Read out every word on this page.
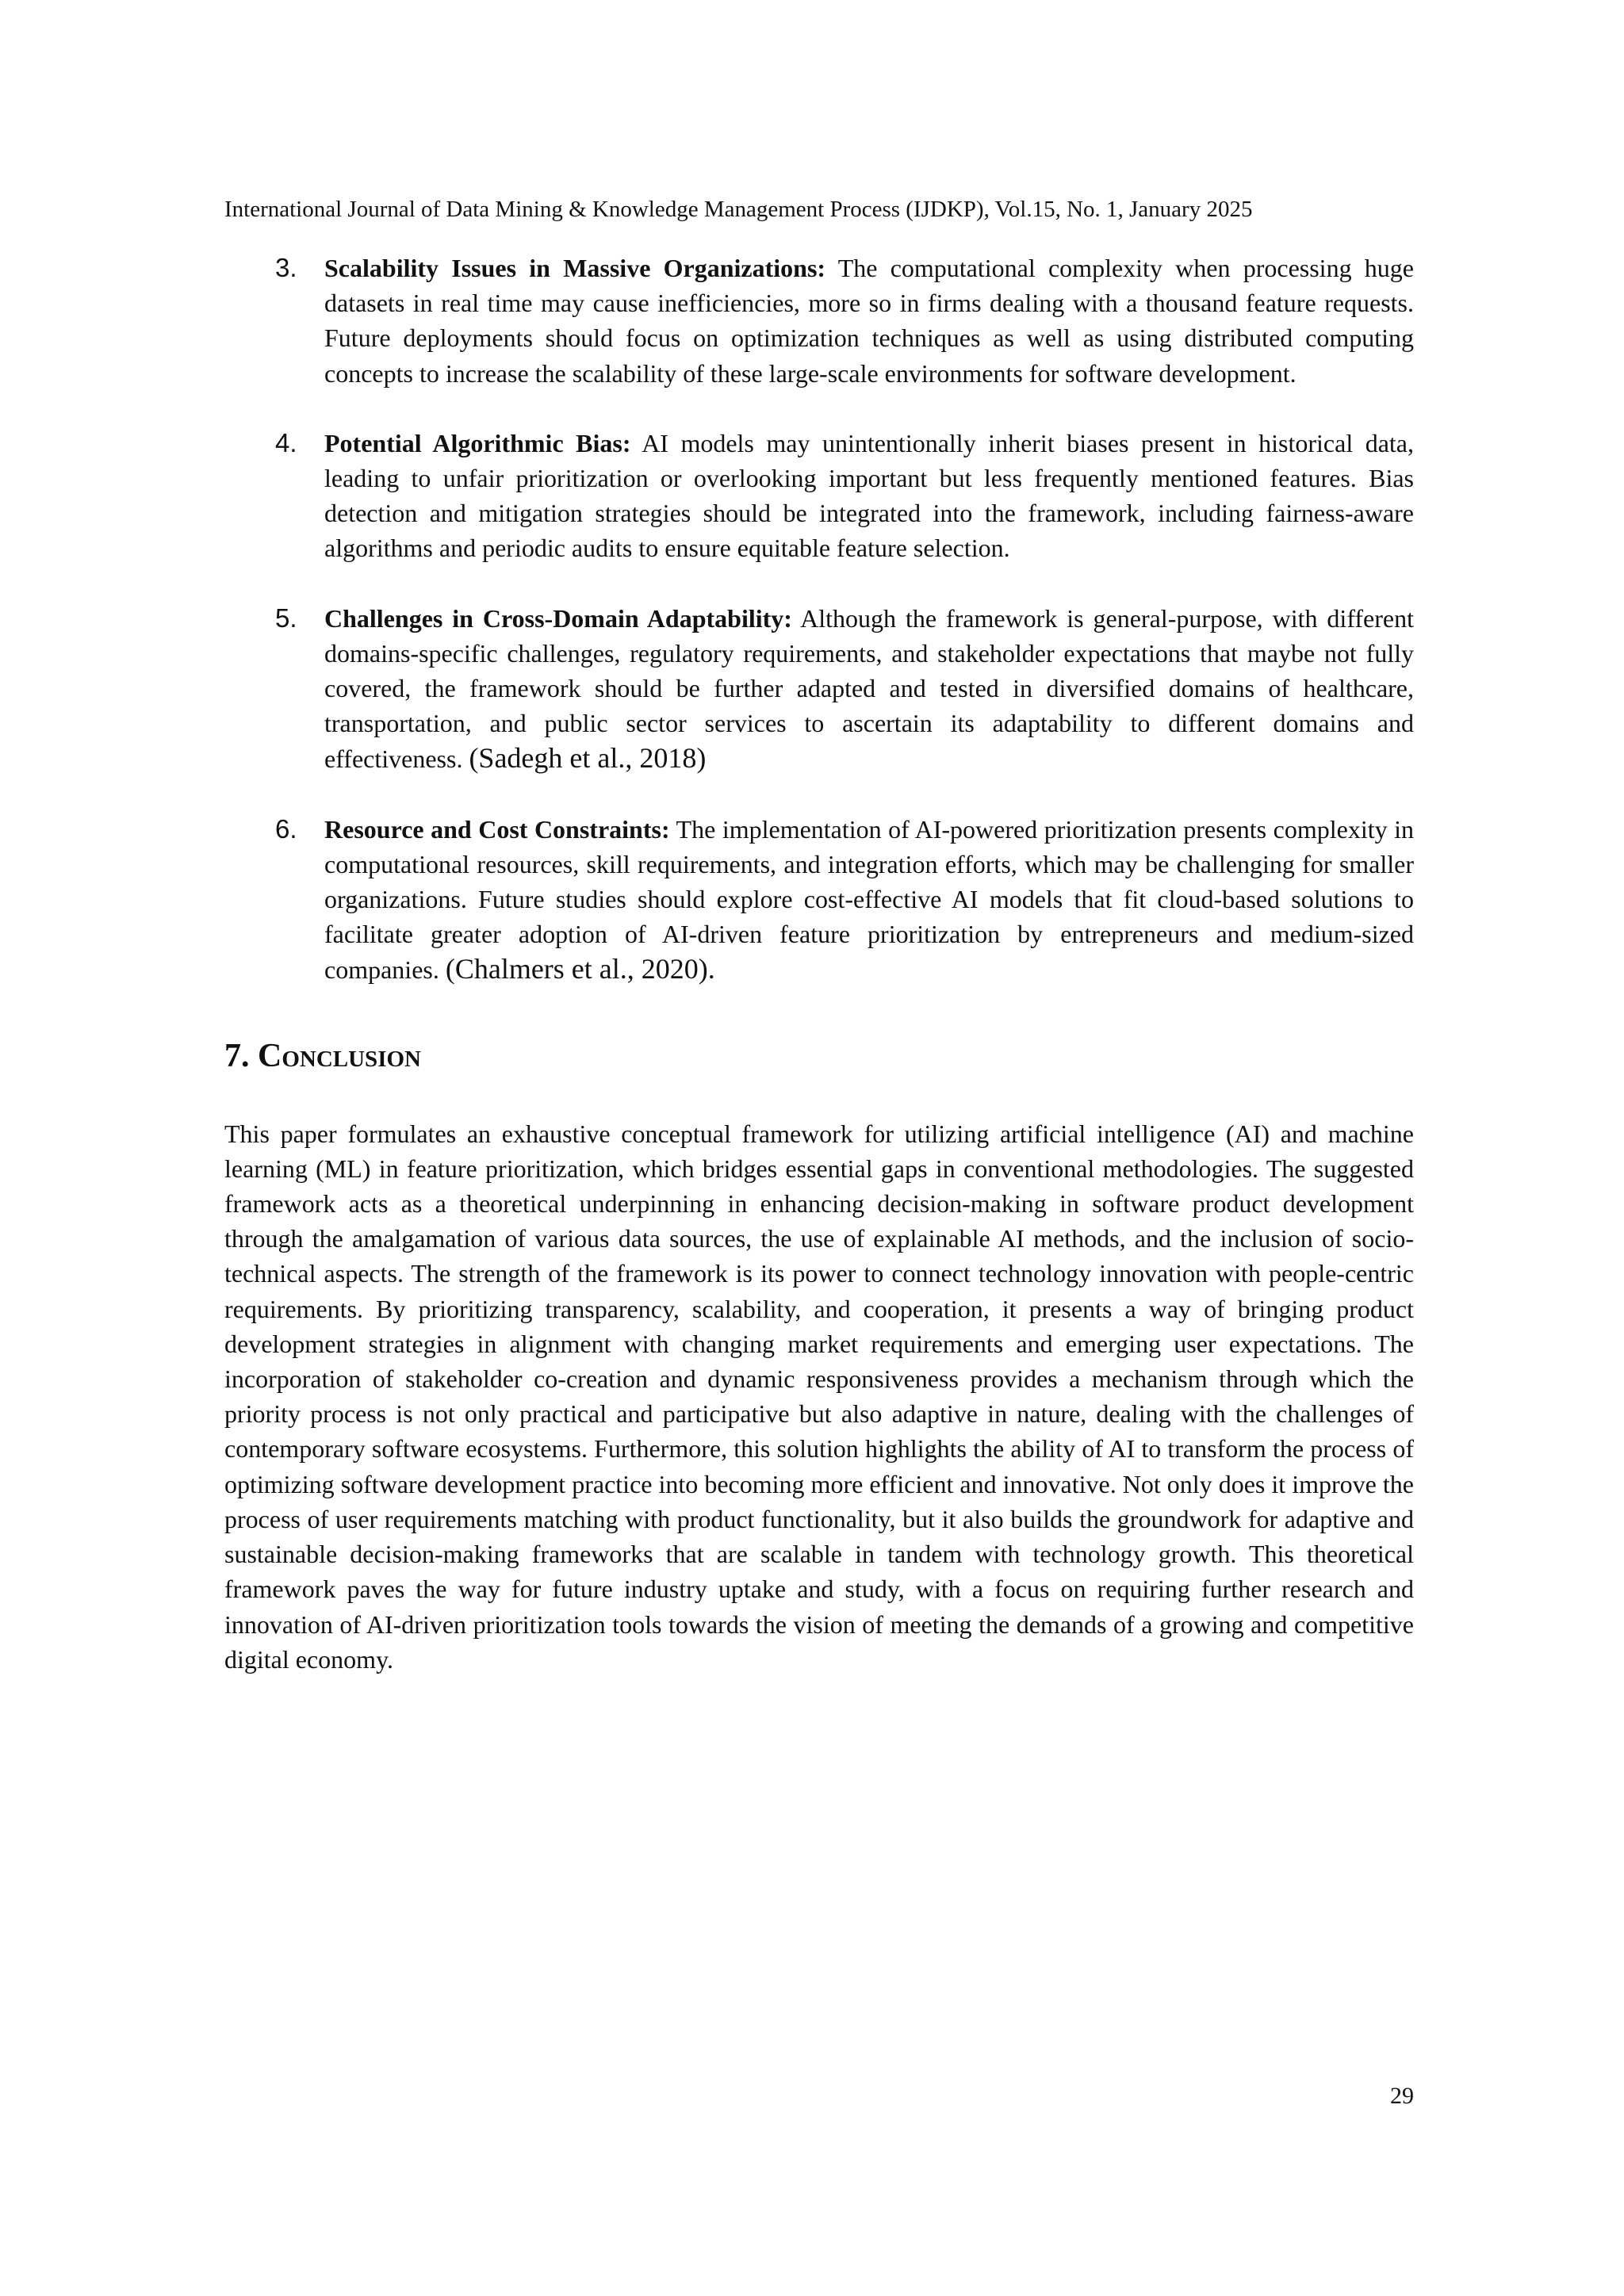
International Journal of Data Mining & Knowledge Management Process (IJDKP), Vol.15, No. 1, January 2025
3. Scalability Issues in Massive Organizations: The computational complexity when processing huge datasets in real time may cause inefficiencies, more so in firms dealing with a thousand feature requests. Future deployments should focus on optimization techniques as well as using distributed computing concepts to increase the scalability of these large-scale environments for software development.

4. Potential Algorithmic Bias: AI models may unintentionally inherit biases present in historical data, leading to unfair prioritization or overlooking important but less frequently mentioned features. Bias detection and mitigation strategies should be integrated into the framework, including fairness-aware algorithms and periodic audits to ensure equitable feature selection.

5. Challenges in Cross-Domain Adaptability: Although the framework is general-purpose, with different domains-specific challenges, regulatory requirements, and stakeholder expectations that maybe not fully covered, the framework should be further adapted and tested in diversified domains of healthcare, transportation, and public sector services to ascertain its adaptability to different domains and effectiveness. (Sadegh et al., 2018)

6. Resource and Cost Constraints: The implementation of AI-powered prioritization presents complexity in computational resources, skill requirements, and integration efforts, which may be challenging for smaller organizations. Future studies should explore cost-effective AI models that fit cloud-based solutions to facilitate greater adoption of AI-driven feature prioritization by entrepreneurs and medium-sized companies. (Chalmers et al., 2020).

7. Conclusion

This paper formulates an exhaustive conceptual framework for utilizing artificial intelligence (AI) and machine learning (ML) in feature prioritization, which bridges essential gaps in conventional methodologies. The suggested framework acts as a theoretical underpinning in enhancing decision-making in software product development through the amalgamation of various data sources, the use of explainable AI methods, and the inclusion of socio-technical aspects. The strength of the framework is its power to connect technology innovation with people-centric requirements. By prioritizing transparency, scalability, and cooperation, it presents a way of bringing product development strategies in alignment with changing market requirements and emerging user expectations. The incorporation of stakeholder co-creation and dynamic responsiveness provides a mechanism through which the priority process is not only practical and participative but also adaptive in nature, dealing with the challenges of contemporary software ecosystems. Furthermore, this solution highlights the ability of AI to transform the process of optimizing software development practice into becoming more efficient and innovative. Not only does it improve the process of user requirements matching with product functionality, but it also builds the groundwork for adaptive and sustainable decision-making frameworks that are scalable in tandem with technology growth. This theoretical framework paves the way for future industry uptake and study, with a focus on requiring further research and innovation of AI-driven prioritization tools towards the vision of meeting the demands of a growing and competitive digital economy.

29
